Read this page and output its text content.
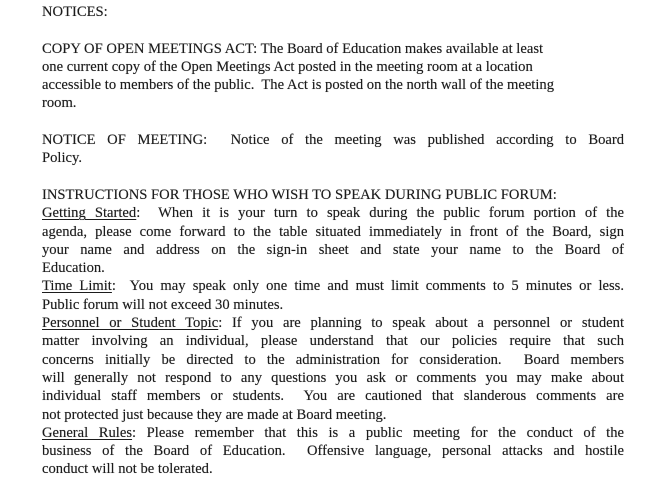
NOTICES:
COPY OF OPEN MEETINGS ACT: The Board of Education makes available at least
one current copy of the Open Meetings Act posted in the meeting room at a location
accessible to members of the public.  The Act is posted on the north wall of the meeting
room.
NOTICE OF MEETING:  Notice of the meeting was published according to Board
Policy.
INSTRUCTIONS FOR THOSE WHO WISH TO SPEAK DURING PUBLIC FORUM:
Getting Started:  When it is your turn to speak during the public forum portion of the
agenda, please come forward to the table situated immediately in front of the Board, sign
your name and address on the sign-in sheet and state your name to the Board of
Education.
Time Limit:  You may speak only one time and must limit comments to 5 minutes or less.
Public forum will not exceed 30 minutes.
Personnel or Student Topic: If you are planning to speak about a personnel or student
matter involving an individual, please understand that our policies require that such
concerns initially be directed to the administration for consideration.  Board members
will generally not respond to any questions you ask or comments you may make about
individual staff members or students.  You are cautioned that slanderous comments are
not protected just because they are made at Board meeting.
General Rules: Please remember that this is a public meeting for the conduct of the
business of the Board of Education.  Offensive language, personal attacks and hostile
conduct will not be tolerated.
